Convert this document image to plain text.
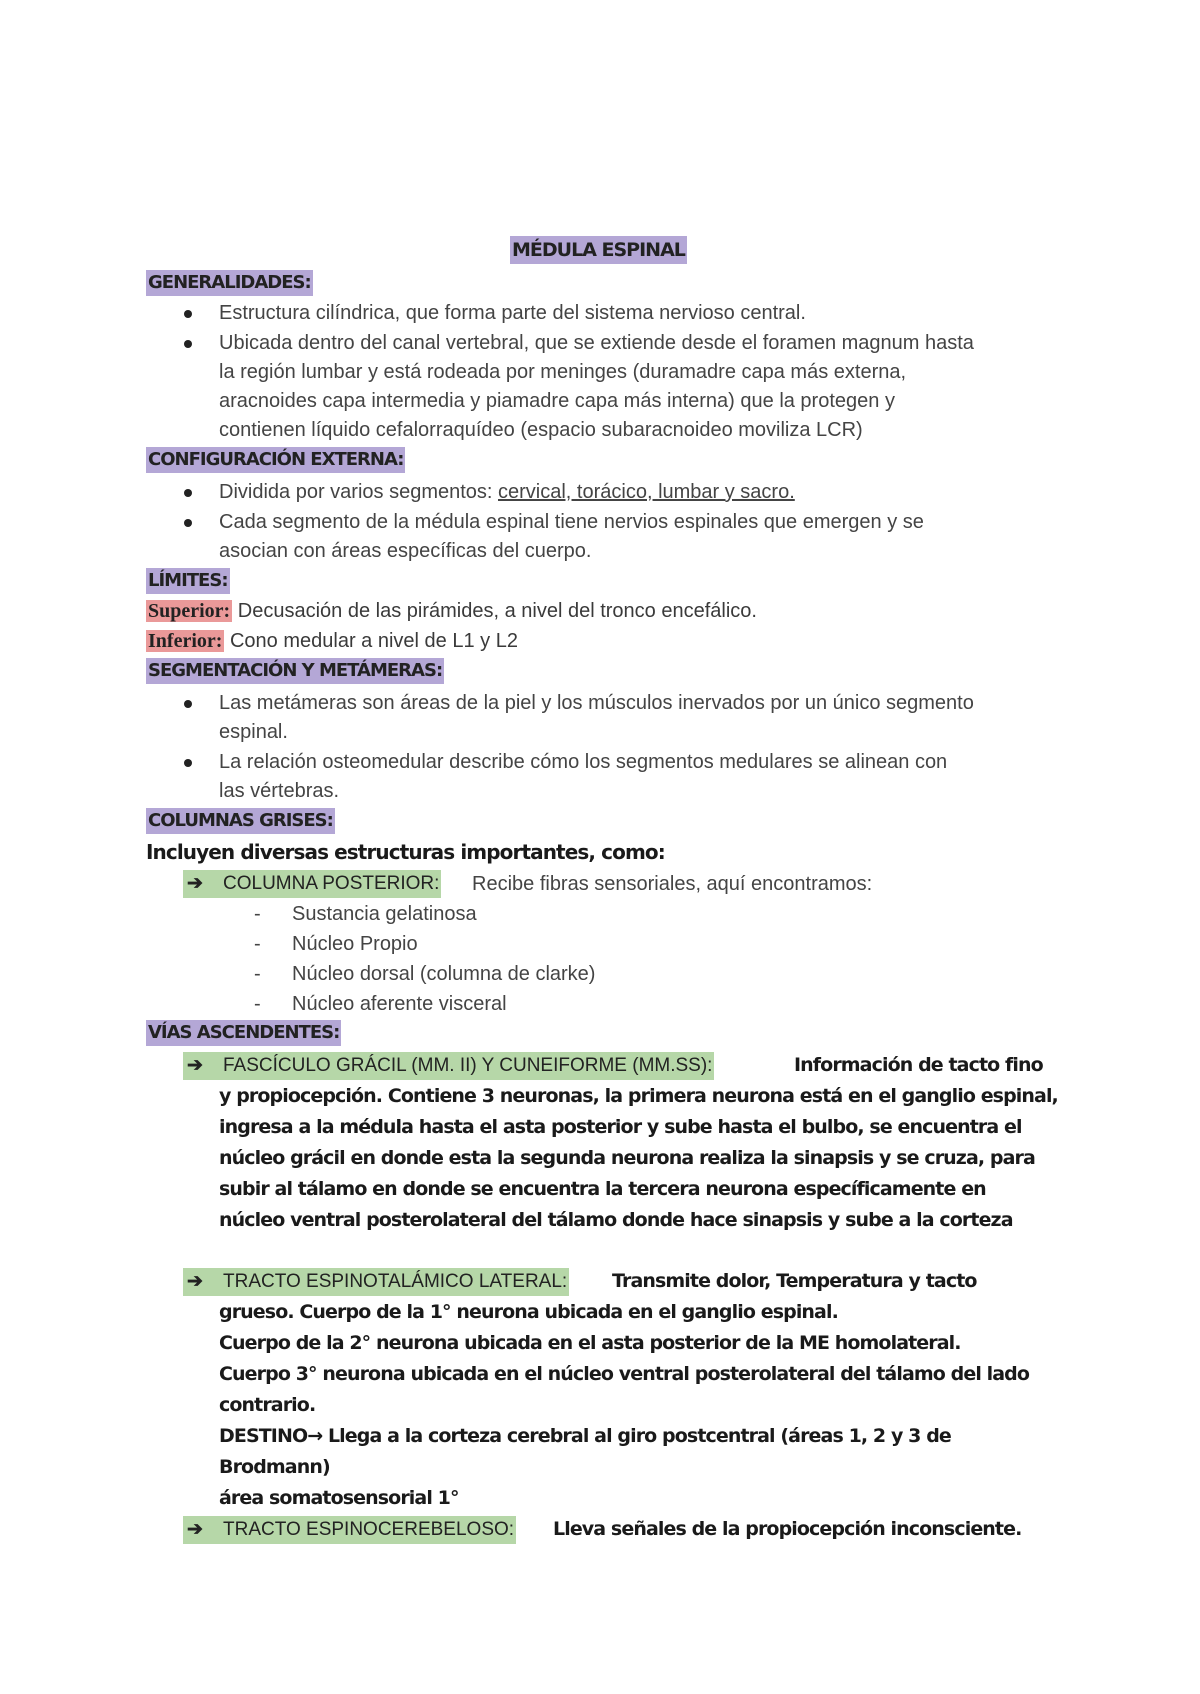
MÉDULA ESPINAL
GENERALIDADES:
Estructura cilíndrica, que forma parte del sistema nervioso central.
Ubicada dentro del canal vertebral, que se extiende desde el foramen magnum hasta
la región lumbar y está rodeada por meninges (duramadre capa más externa,
aracnoides capa intermedia y piamadre capa más interna) que la protegen y
contienen líquido cefalorraquídeo (espacio subaracnoideo moviliza LCR)
CONFIGURACIÓN EXTERNA:
Dividida por varios segmentos: cervical, torácico, lumbar y sacro.
Cada segmento de la médula espinal tiene nervios espinales que emergen y se
asocian con áreas específicas del cuerpo.
LÍMITES:
Superior: Decusación de las pirámides, a nivel del tronco encefálico.
Inferior: Cono medular a nivel de L1 y L2
SEGMENTACIÓN Y METÁMERAS:
Las metámeras son áreas de la piel y los músculos inervados por un único segmento
espinal.
La relación osteomedular describe cómo los segmentos medulares se alinean con
las vértebras.
COLUMNAS GRISES:
Incluyen diversas estructuras importantes, como:
➔ COLUMNA POSTERIOR: Recibe fibras sensoriales, aquí encontramos:
- Sustancia gelatinosa
- Núcleo Propio
- Núcleo dorsal (columna de clarke)
- Núcleo aferente visceral
VÍAS ASCENDENTES:
➔ FASCÍCULO GRÁCIL (MM. II) Y CUNEIFORME (MM.SS):	Información de tacto fino
y propiocepción. Contiene 3 neuronas, la primera neurona está en el ganglio espinal,
ingresa a la médula hasta el asta posterior y sube hasta el bulbo, se encuentra el
núcleo grácil en donde esta la segunda neurona realiza la sinapsis y se cruza, para
subir al tálamo en donde se encuentra la tercera neurona específicamente en
núcleo ventral posterolateral del tálamo donde hace sinapsis y sube a la corteza
➔ TRACTO ESPINOTALÁMICO LATERAL: Transmite dolor, Temperatura y tacto
grueso. Cuerpo de la 1° neurona ubicada en el ganglio espinal.
Cuerpo de la 2° neurona ubicada en el asta posterior de la ME homolateral.
Cuerpo 3° neurona ubicada en el núcleo ventral posterolateral del tálamo del lado
contrario.
DESTINO→ Llega a la corteza cerebral al giro postcentral (áreas 1, 2 y 3 de
Brodmann)
área somatosensorial 1°
➔ TRACTO ESPINOCEREBELOSO: Lleva señales de la propiocepción inconsciente.
